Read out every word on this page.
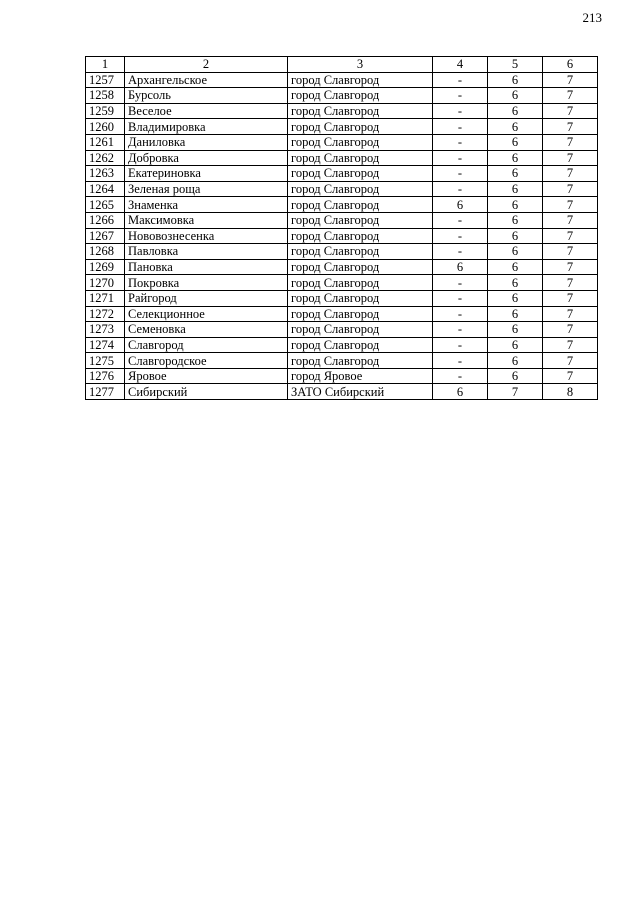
213
1	2	3	4	5	6
1257	Архангельское	город Славгород	-	6	7
1258	Бурсоль	город Славгород	-	6	7
1259	Веселое	город Славгород	-	6	7
1260	Владимировка	город Славгород	-	6	7
1261	Даниловка	город Славгород	-	6	7
1262	Добровка	город Славгород	-	6	7
1263	Екатериновка	город Славгород	-	6	7
1264	Зеленая роща	город Славгород	-	6	7
1265	Знаменка	город Славгород	6	6	7
1266	Максимовка	город Славгород	-	6	7
1267	Нововознесенка	город Славгород	-	6	7
1268	Павловка	город Славгород	-	6	7
1269	Пановка	город Славгород	6	6	7
1270	Покровка	город Славгород	-	6	7
1271	Райгород	город Славгород	-	6	7
1272	Селекционное	город Славгород	-	6	7
1273	Семеновка	город Славгород	-	6	7
1274	Славгород	город Славгород	-	6	7
1275	Славгородское	город Славгород	-	6	7
1276	Яровое	город Яровое	-	6	7
1277	Сибирский	ЗАТО Сибирский	6	7	8
